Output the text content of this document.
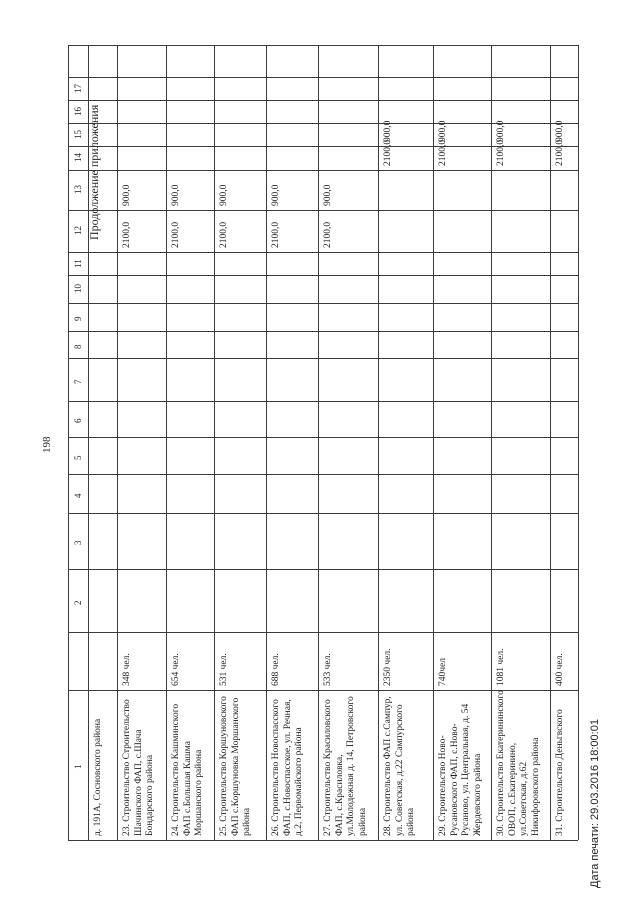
198
Продолжение приложения
Дата печати: 29.03.2016 18:00:01
1
2
3
4
5
6
7
8
9
10
11
12
13
14
15
16
17
д. 191А, Сосновского района 23. Строительство Строительство Шачинского ФАП, с.Шача Бондарского района
348 чел.
2100,0
900,0
24. Строительство Кашминского ФАП с.Большая Кашма Моршанского района
654 чел.
2100,0
900,0
25. Строительство Коршуновского ФАП с.Коршуновка Моршанского района
531 чел.
2100,0
900,0
26. Строительство Новоспасского ФАП, с.Новоспасское, ул. Речная, д.2, Первомайского района
688 чел.
2100,0
900,0
27. Строительство Красиловского ФАП, с.Красиловка, ул.Молодежная д. 14, Петровского района
533 чел.
2100,0
900,0
28. Строительство ФАП с.Сампур, ул. Советская, д.22 Сампурского района
2350 чел.
2100,0
900,0
29. Строительство Ново- Русановского ФАП, с.Ново- Русаново, ул. Центральная, д. 54 Жердевского района
740чел
2100,0
900,0
30. Строительство Екатерининского ОВОП, с.Екатерининo, ул.Советская, д.62 Никифоровского района
1081 чел.
2100,0
900,0
31. Строительство Деньгвского
400 чел.
2100,0
900,0
